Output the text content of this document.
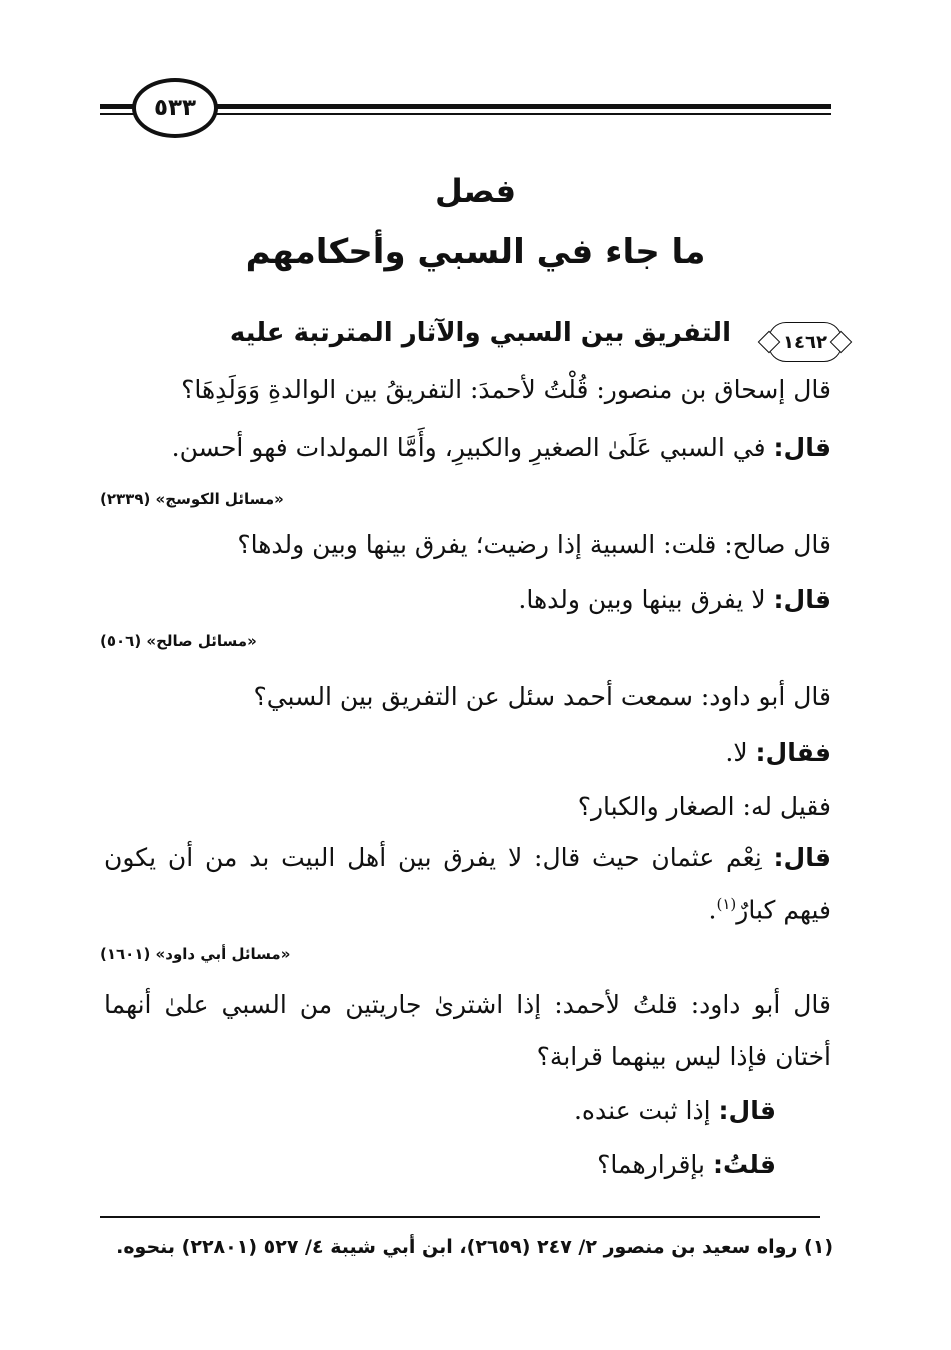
٥٣٣
فصل
ما جاء في السبي وأحكامهم
١٤٦٢
التفريق بين السبي والآثار المترتبة عليه
قال إسحاق بن منصور: قُلْتُ لأحمدَ: التفريقُ بين الوالدةِ وَوَلَدِهَا؟
قال: في السبي عَلَىٰ الصغيرِ والكبيرِ، وأَمَّا المولدات فهو أحسن.
«مسائل الكوسج» (٢٣٣٩)
قال صالح: قلت: السبية إذا رضيت؛ يفرق بينها وبين ولدها؟
قال: لا يفرق بينها وبين ولدها.
«مسائل صالح» (٥٠٦)
قال أبو داود: سمعت أحمد سئل عن التفريق بين السبي؟
فقال: لا.
فقيل له: الصغار والكبار؟
قال: نِعْم عثمان حيث قال: لا يفرق بين أهل البيت بد من أن يكون
فيهم كبارٌ$^{(١)}$.
«مسائل أبي داود» (١٦٠١)
قال أبو داود: قلتُ لأحمد: إذا اشترىٰ جاريتين من السبي علىٰ أنهما
أختان فإذا ليس بينهما قرابة؟
قال: إذا ثبت عنده.
قلتُ: بإقرارهما؟
(١) رواه سعيد بن منصور ٢/ ٢٤٧ (٢٦٥٩)، ابن أبي شيبة ٤/ ٥٢٧ (٢٢٨٠١) بنحوه.
